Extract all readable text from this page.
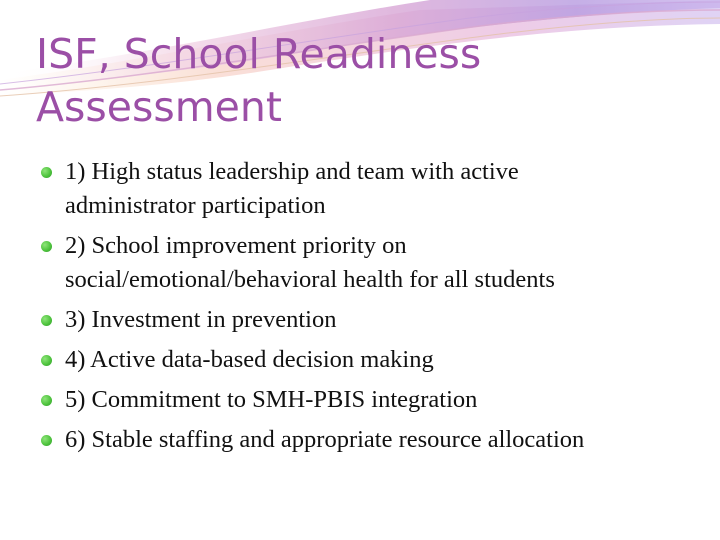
ISF, School Readiness Assessment
1) High status leadership and team with active administrator participation
2) School improvement priority on social/emotional/behavioral health for all students
3) Investment in prevention
4) Active data-based decision making
5) Commitment to SMH-PBIS integration
6) Stable staffing and appropriate resource allocation
